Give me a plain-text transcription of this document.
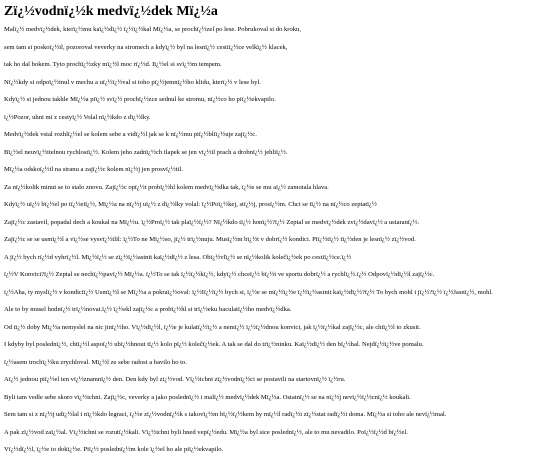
Zï¿½vodnï¿½k medvï¿½dek Mï¿½a

Malï¿½ medvï¿½dek, kterï¿½mu kaï¿½dï¿½ ï¿½ï¿½kal Mï¿½a, se prochï¿½zel po lese. Pobrukoval si do kroku,

sem tam si poskoï¿½il, pozoroval veverky na stromech a kdyï¿½ byl na lesnï¿½ cestiï¿½ce velkï¿½ klacek,

tak ho dal bokem. Tyto prochï¿½zky mï¿½l moc rï¿½d. Iï¿½el si svï¿½m tempem.

Nï¿½kdy si odpoï¿½inul v mechu a uï¿½ï¿½val si toho pï¿½jemnï¿½ho klidu, kterï¿½ v lese byl.

Kdyï¿½ si jednou takhle Mï¿½a piï¿½ svï¿½ prochï¿½zce sednul ke stromu, nï¿½co ho piï¿½ekvapilo.

ï¿½Pozor, uhni mi z cestyï¿½ Volal nï¿½kdo z dï¿½lky.

Medvï¿½dek vstal rozhlï¿½el se kolem sebe a vidï¿½l jak se k nï¿½mu piï¿½bliï¿½uje zajï¿½c.

Bï¿½el neuvï¿½itelnou rychlostï¿½. Kolem jeho zadnï¿½ch tlapek se jen vï¿½il prach a drobnï¿½ jehliï¿½.

Mï¿½a odskoï¿½il na stranu a zajï¿½c kolem nï¿½j jen prosvï¿½til.

Za nï¿½kolik minut se to stalo znovu. Zajï¿½c opï¿½t probï¿½hl kolem medvï¿½dka tak, ï¿½e se mu aï¿½ zamotala hlava.

Kdyï¿½ uï¿½ bï¿½el po tï¿½etï¿½, Mï¿½a na nï¿½j uï¿½ z dï¿½lky volal: ï¿½Poï¿½kej, stï¿½j, prosï¿½m. Chci se tï¿½ na nï¿½co zeptatï¿½

Zajï¿½c zastavil, popadal dech a koukal na Mï¿½u. ï¿½Proï¿½ tak plaï¿½ï¿½? Nï¿½kdo tï¿½ honï¿½?ï¿½ Zeptal se medvï¿½dek zvï¿½davï¿½ a ustaranï¿½.

Zajï¿½c se se usmï¿½l a vï¿½se vysvï¿½tlil: ï¿½To ne Mï¿½so, jï¿½ trï¿½nuju. Musï¿½m bï¿½t v dobrï¿½ kondici. Piï¿½tï¿½ tï¿½den je lesnï¿½ zï¿½vod.

A jï¿½ bych rï¿½d vyhrï¿½l. Mï¿½ï¿½ se zï¿½ï¿½astnit kaï¿½dï¿½ z lesa. Obï¿½vlï¿½ se nï¿½kolik kolečï¿½ek po cestiï¿½ce.ï¿½

ï¿½V Konvici?ï¿½ Zeptal se nechï¿½pavï¿½ Mï¿½a. ï¿½To se tak ï¿½ï¿½kï¿½, kdyï¿½ chceï¿½ bï¿½t ve sportu dobrï¿½ a rychlï¿½.ï¿½ Odpovï¿½dï¿½l zajï¿½c.

ï¿½Aha, ty myslï¿½ v kondiciï¿½ Usmï¿½l se Mï¿½a a pokraï¿½oval: ï¿½Iï¿½ï¿½ bych si, ï¿½e se mï¿½ï¿½e ï¿½ï¿½astnit kaï¿½dï¿½?ï¿½ To bych mohl i jï¿½?ï¿½ ï¿½Jasnï¿½, mohl.

Ale to by musel hodnï¿½ trï¿½novat.ï¿½ ï¿½ekl zajï¿½c a probï¿½hl si trï¿½eku baculatï¿½ho medvï¿½dka.

Od tï¿½ doby Mï¿½a nemyslel na nic jinï¿½ho. Vï¿½dï¿½l, ï¿½e je kulatï¿½ï¿½ a nemï¿½ ï¿½ï¿½dnou konvici, jak ï¿½ï¿½kal zajï¿½c, ale chtï¿½l to zkusit.

I kdyby byl poslednï¿½, chtï¿½l aspoï¿½ ubï¿½hnout tï¿½ kolo pï¿½ kolečï¿½ek. A tak se dal do trï¿½ninku. Kaï¿½dï¿½ den bï¿½hal. Nejdï¿½ï¿½ve pomalu.

ï¿½asem trochï¿½ku zrychloval. Mï¿½l ze sebe radost a bavilo ho to.

Aï¿½ jednou piï¿½el ten vï¿½znamnï¿½ den. Den kdy byl zï¿½vod. Vï¿½ichni zï¿½vodnï¿½ci se postavili na startovnï¿½ ï¿½ru.

Byli tam vedle sebe skoro vï¿½ichni. Zajï¿½c, veverky a jako poslednï¿½ i malï¿½ medvï¿½dek Mï¿½a. Ostatnï¿½ se na nï¿½j nevï¿½ï¿½cnï¿½ koukali.

Sem tam si z nï¿½j udï¿½lal i nï¿½kdo legraci, ï¿½e zï¿½vodnï¿½k s takovï¿½m bï¿½ï¿½kem by mï¿½l radï¿½i zï¿½stat radï¿½i doma. Mï¿½a si toho ale nevï¿½mal.

A pak zï¿½vod zaï¿½al. Vï¿½ichni se rozutï¿½kali. Vï¿½ichni byli hned vepï¿½edu. Mï¿½a byl sice poslednï¿½, ale to mu nevadilo. Poï¿½ï¿½d bï¿½el.

Vï¿½dï¿½l, ï¿½e to dokï¿½e. Piï¿½ poslednï¿½m kole ï¿½el ho ale piï¿½ekvapilo.
